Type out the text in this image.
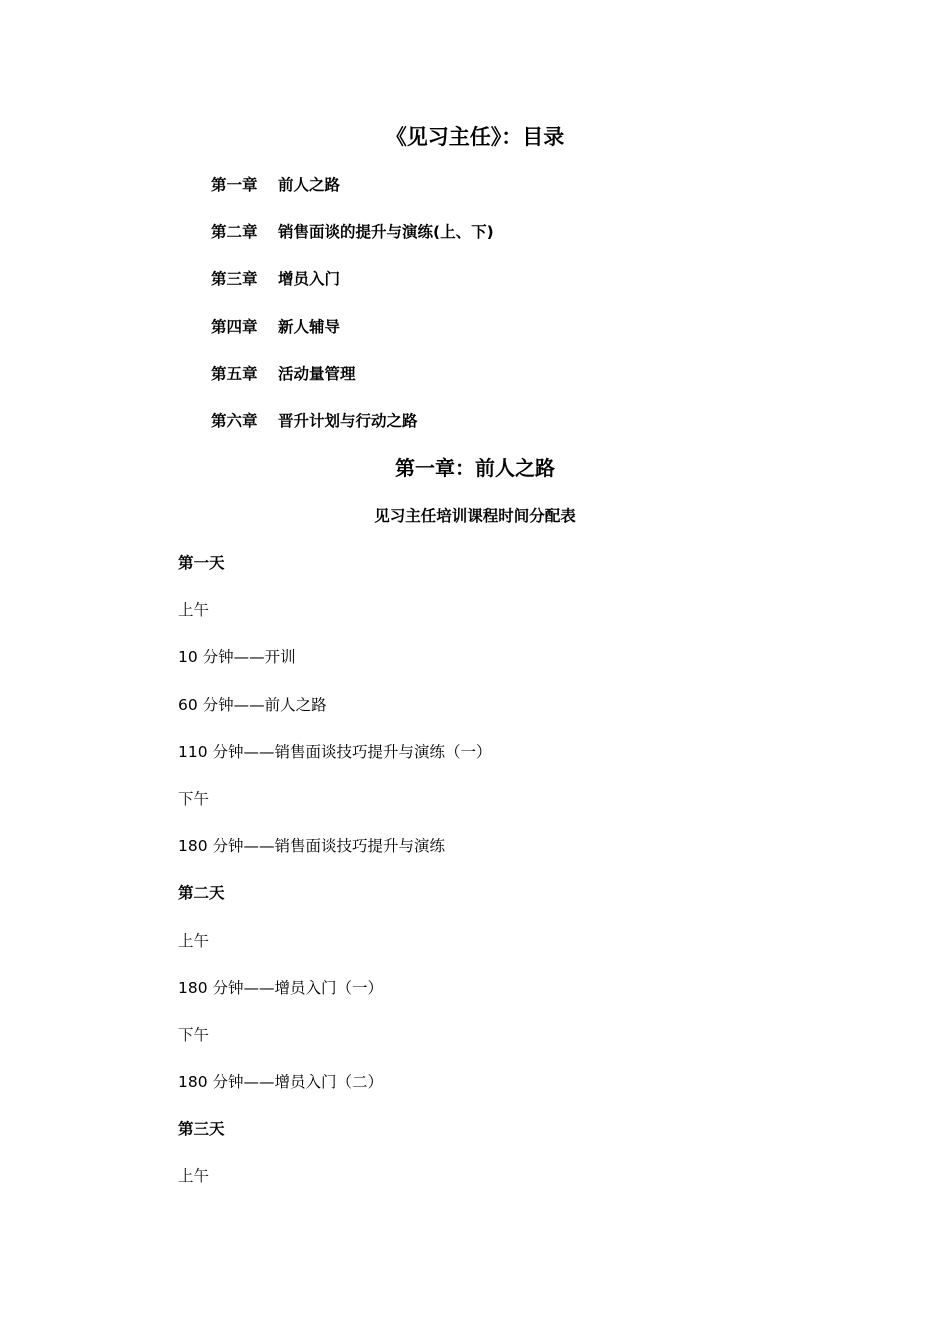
《见习主任》：目录
第一章 前人之路
第二章 销售面谈的提升与演练(上、下)
第三章 增员入门
第四章 新人辅导
第五章 活动量管理
第六章 晋升计划与行动之路
第一章：前人之路
见习主任培训课程时间分配表
第一天
上午
10 分钟——开训
60 分钟——前人之路
110 分钟——销售面谈技巧提升与演练（一）
下午
180 分钟——销售面谈技巧提升与演练
第二天
上午
180 分钟——增员入门（一）
下午
180 分钟——增员入门（二）
第三天
上午
